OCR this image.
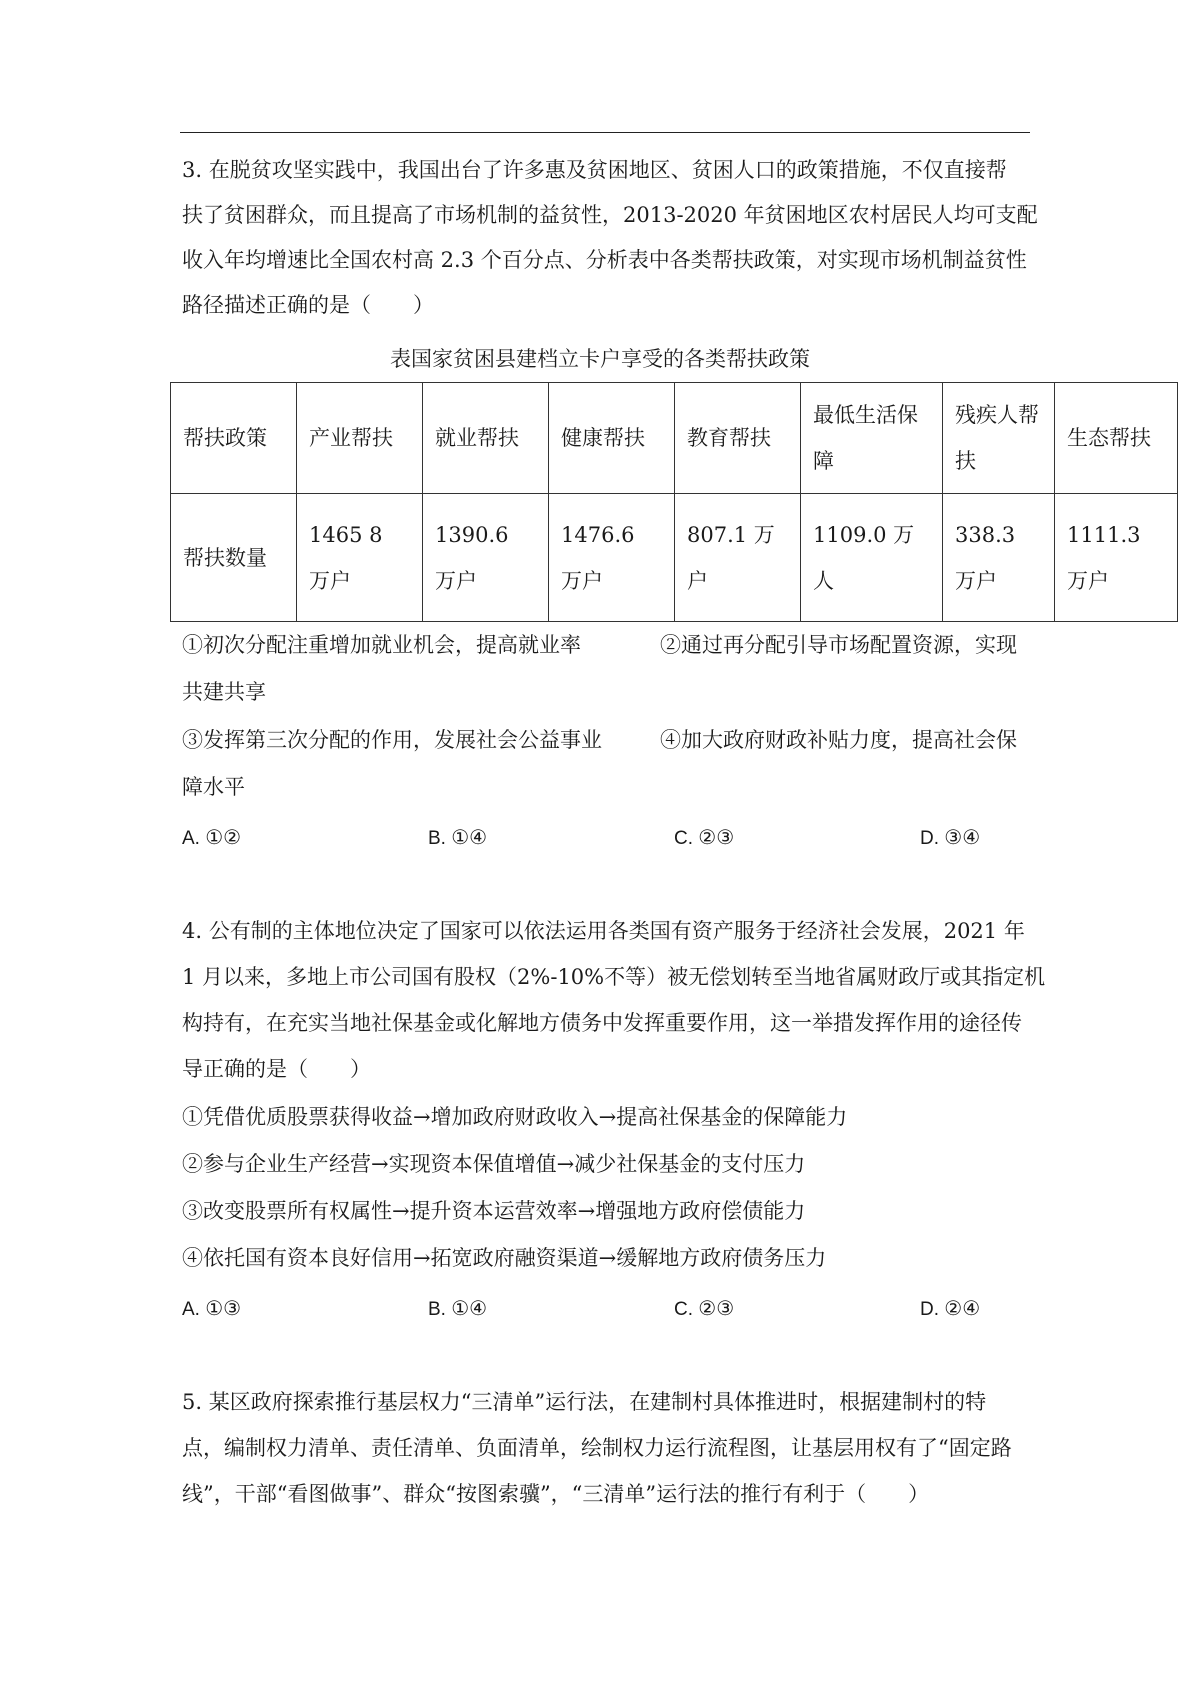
3. 在脱贫攻坚实践中，我国出台了许多惠及贫困地区、贫困人口的政策措施，不仅直接帮
扶了贫困群众，而且提高了市场机制的益贫性，2013-2020 年贫困地区农村居民人均可支配
收入年均增速比全国农村高 2.3 个百分点、分析表中各类帮扶政策，对实现市场机制益贫性
路径描述正确的是（　　）
表国家贫困县建档立卡户享受的各类帮扶政策
帮扶政策	产业帮扶	就业帮扶	健康帮扶	教育帮扶	最低生活保障	残疾人帮扶	生态帮扶
帮扶数量	1465 8 万户	1390.6 万户	1476.6 万户	807.1 万户	1109.0 万人	338.3 万户	1111.3 万户
①初次分配注重增加就业机会，提高就业率	②通过再分配引导市场配置资源，实现
共建共享
③发挥第三次分配的作用，发展社会公益事业	④加大政府财政补贴力度，提高社会保
障水平
A. ①②	B. ①④	C. ②③	D. ③④
4. 公有制的主体地位决定了国家可以依法运用各类国有资产服务于经济社会发展，2021 年
1 月以来，多地上市公司国有股权（2%-10%不等）被无偿划转至当地省属财政厅或其指定机
构持有，在充实当地社保基金或化解地方债务中发挥重要作用，这一举措发挥作用的途径传
导正确的是（　　）
①凭借优质股票获得收益→增加政府财政收入→提高社保基金的保障能力
②参与企业生产经营→实现资本保值增值→减少社保基金的支付压力
③改变股票所有权属性→提升资本运营效率→增强地方政府偿债能力
④依托国有资本良好信用→拓宽政府融资渠道→缓解地方政府债务压力
A. ①③	B. ①④	C. ②③	D. ②④
5. 某区政府探索推行基层权力“三清单”运行法，在建制村具体推进时，根据建制村的特
点，编制权力清单、责任清单、负面清单，绘制权力运行流程图，让基层用权有了“固定路
线”，干部“看图做事”、群众“按图索骥”，“三清单”运行法的推行有利于（　　）
